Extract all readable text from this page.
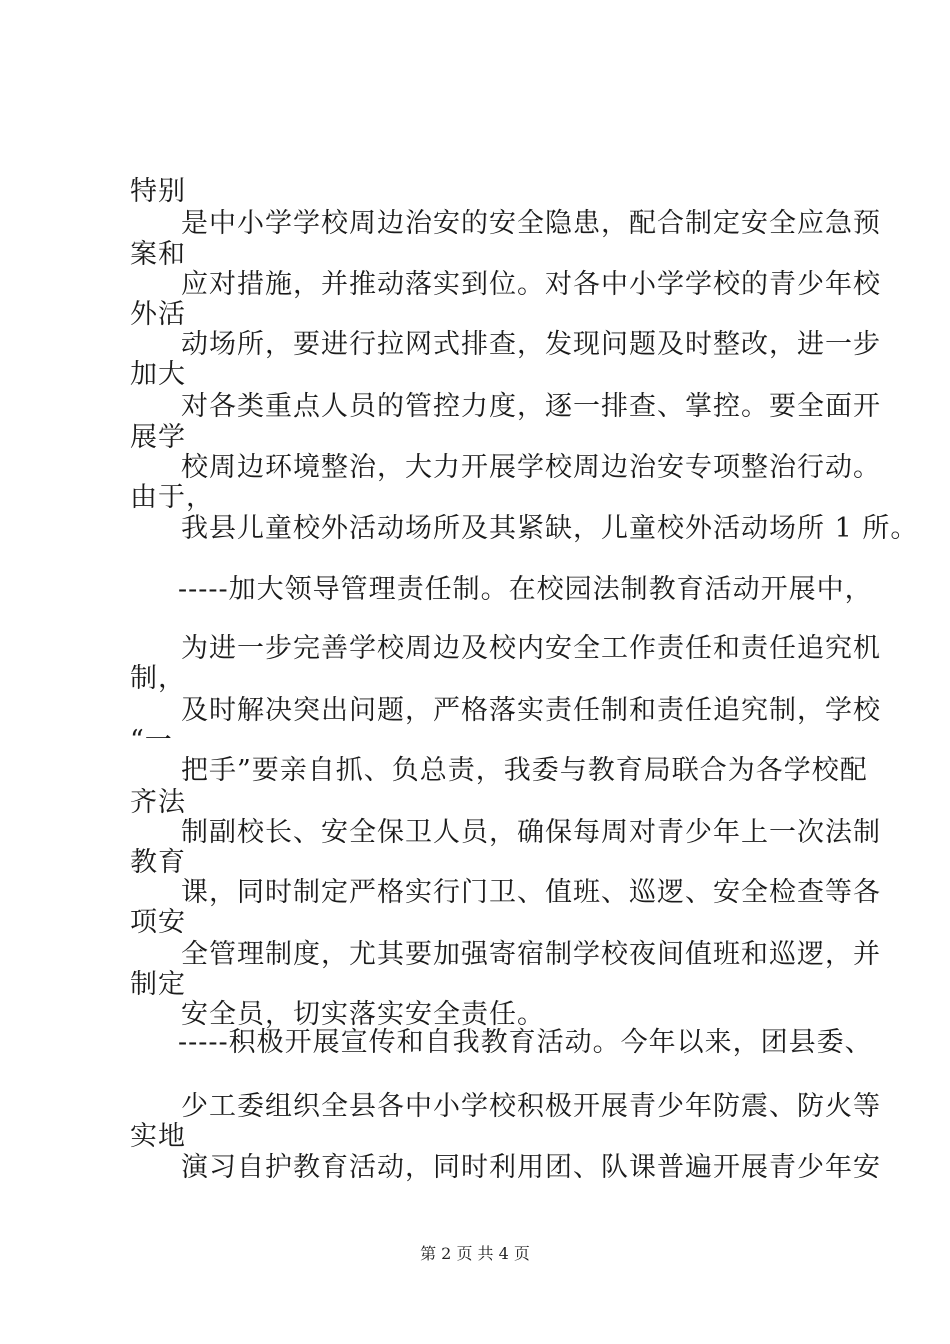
特别
是中小学学校周边治安的安全隐患，配合制定安全应急预
案和
应对措施，并推动落实到位。对各中小学学校的青少年校
外活
动场所，要进行拉网式排查，发现问题及时整改，进一步
加大
对各类重点人员的管控力度，逐一排查、掌控。要全面开
展学
校周边环境整治，大力开展学校周边治安专项整治行动。
由于，
我县儿童校外活动场所及其紧缺，儿童校外活动场所 1 所。
-----加大领导管理责任制。在校园法制教育活动开展中，
为进一步完善学校周边及校内安全工作责任和责任追究机
制，
及时解决突出问题，严格落实责任制和责任追究制，学校
“一
把手”要亲自抓、负总责，我委与教育局联合为各学校配
齐法
制副校长、安全保卫人员，确保每周对青少年上一次法制
教育
课，同时制定严格实行门卫、值班、巡逻、安全检查等各
项安
全管理制度，尤其要加强寄宿制学校夜间值班和巡逻，并
制定
安全员，切实落实安全责任。
-----积极开展宣传和自我教育活动。今年以来，团县委、
少工委组织全县各中小学校积极开展青少年防震、防火等
实地
演习自护教育活动，同时利用团、队课普遍开展青少年安
第 2 页 共 4 页
